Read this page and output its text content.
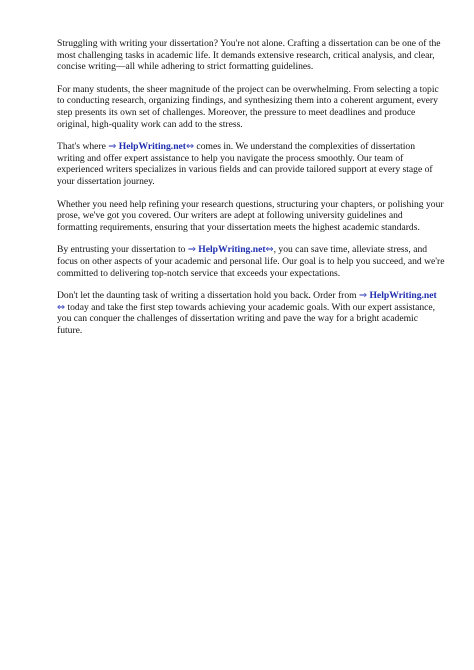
Struggling with writing your dissertation? You're not alone. Crafting a dissertation can be one of the most challenging tasks in academic life. It demands extensive research, critical analysis, and clear, concise writing—all while adhering to strict formatting guidelines.

For many students, the sheer magnitude of the project can be overwhelming. From selecting a topic to conducting research, organizing findings, and synthesizing them into a coherent argument, every step presents its own set of challenges. Moreover, the pressure to meet deadlines and produce original, high-quality work can add to the stress.

That's where ⇒ HelpWriting.net⇔ comes in. We understand the complexities of dissertation writing and offer expert assistance to help you navigate the process smoothly. Our team of experienced writers specializes in various fields and can provide tailored support at every stage of your dissertation journey.

Whether you need help refining your research questions, structuring your chapters, or polishing your prose, we've got you covered. Our writers are adept at following university guidelines and formatting requirements, ensuring that your dissertation meets the highest academic standards.

By entrusting your dissertation to ⇒ HelpWriting.net⇔, you can save time, alleviate stress, and focus on other aspects of your academic and personal life. Our goal is to help you succeed, and we're committed to delivering top-notch service that exceeds your expectations.

Don't let the daunting task of writing a dissertation hold you back. Order from ⇒ HelpWriting.net
⇔ today and take the first step towards achieving your academic goals. With our expert assistance, you can conquer the challenges of dissertation writing and pave the way for a bright academic future.
